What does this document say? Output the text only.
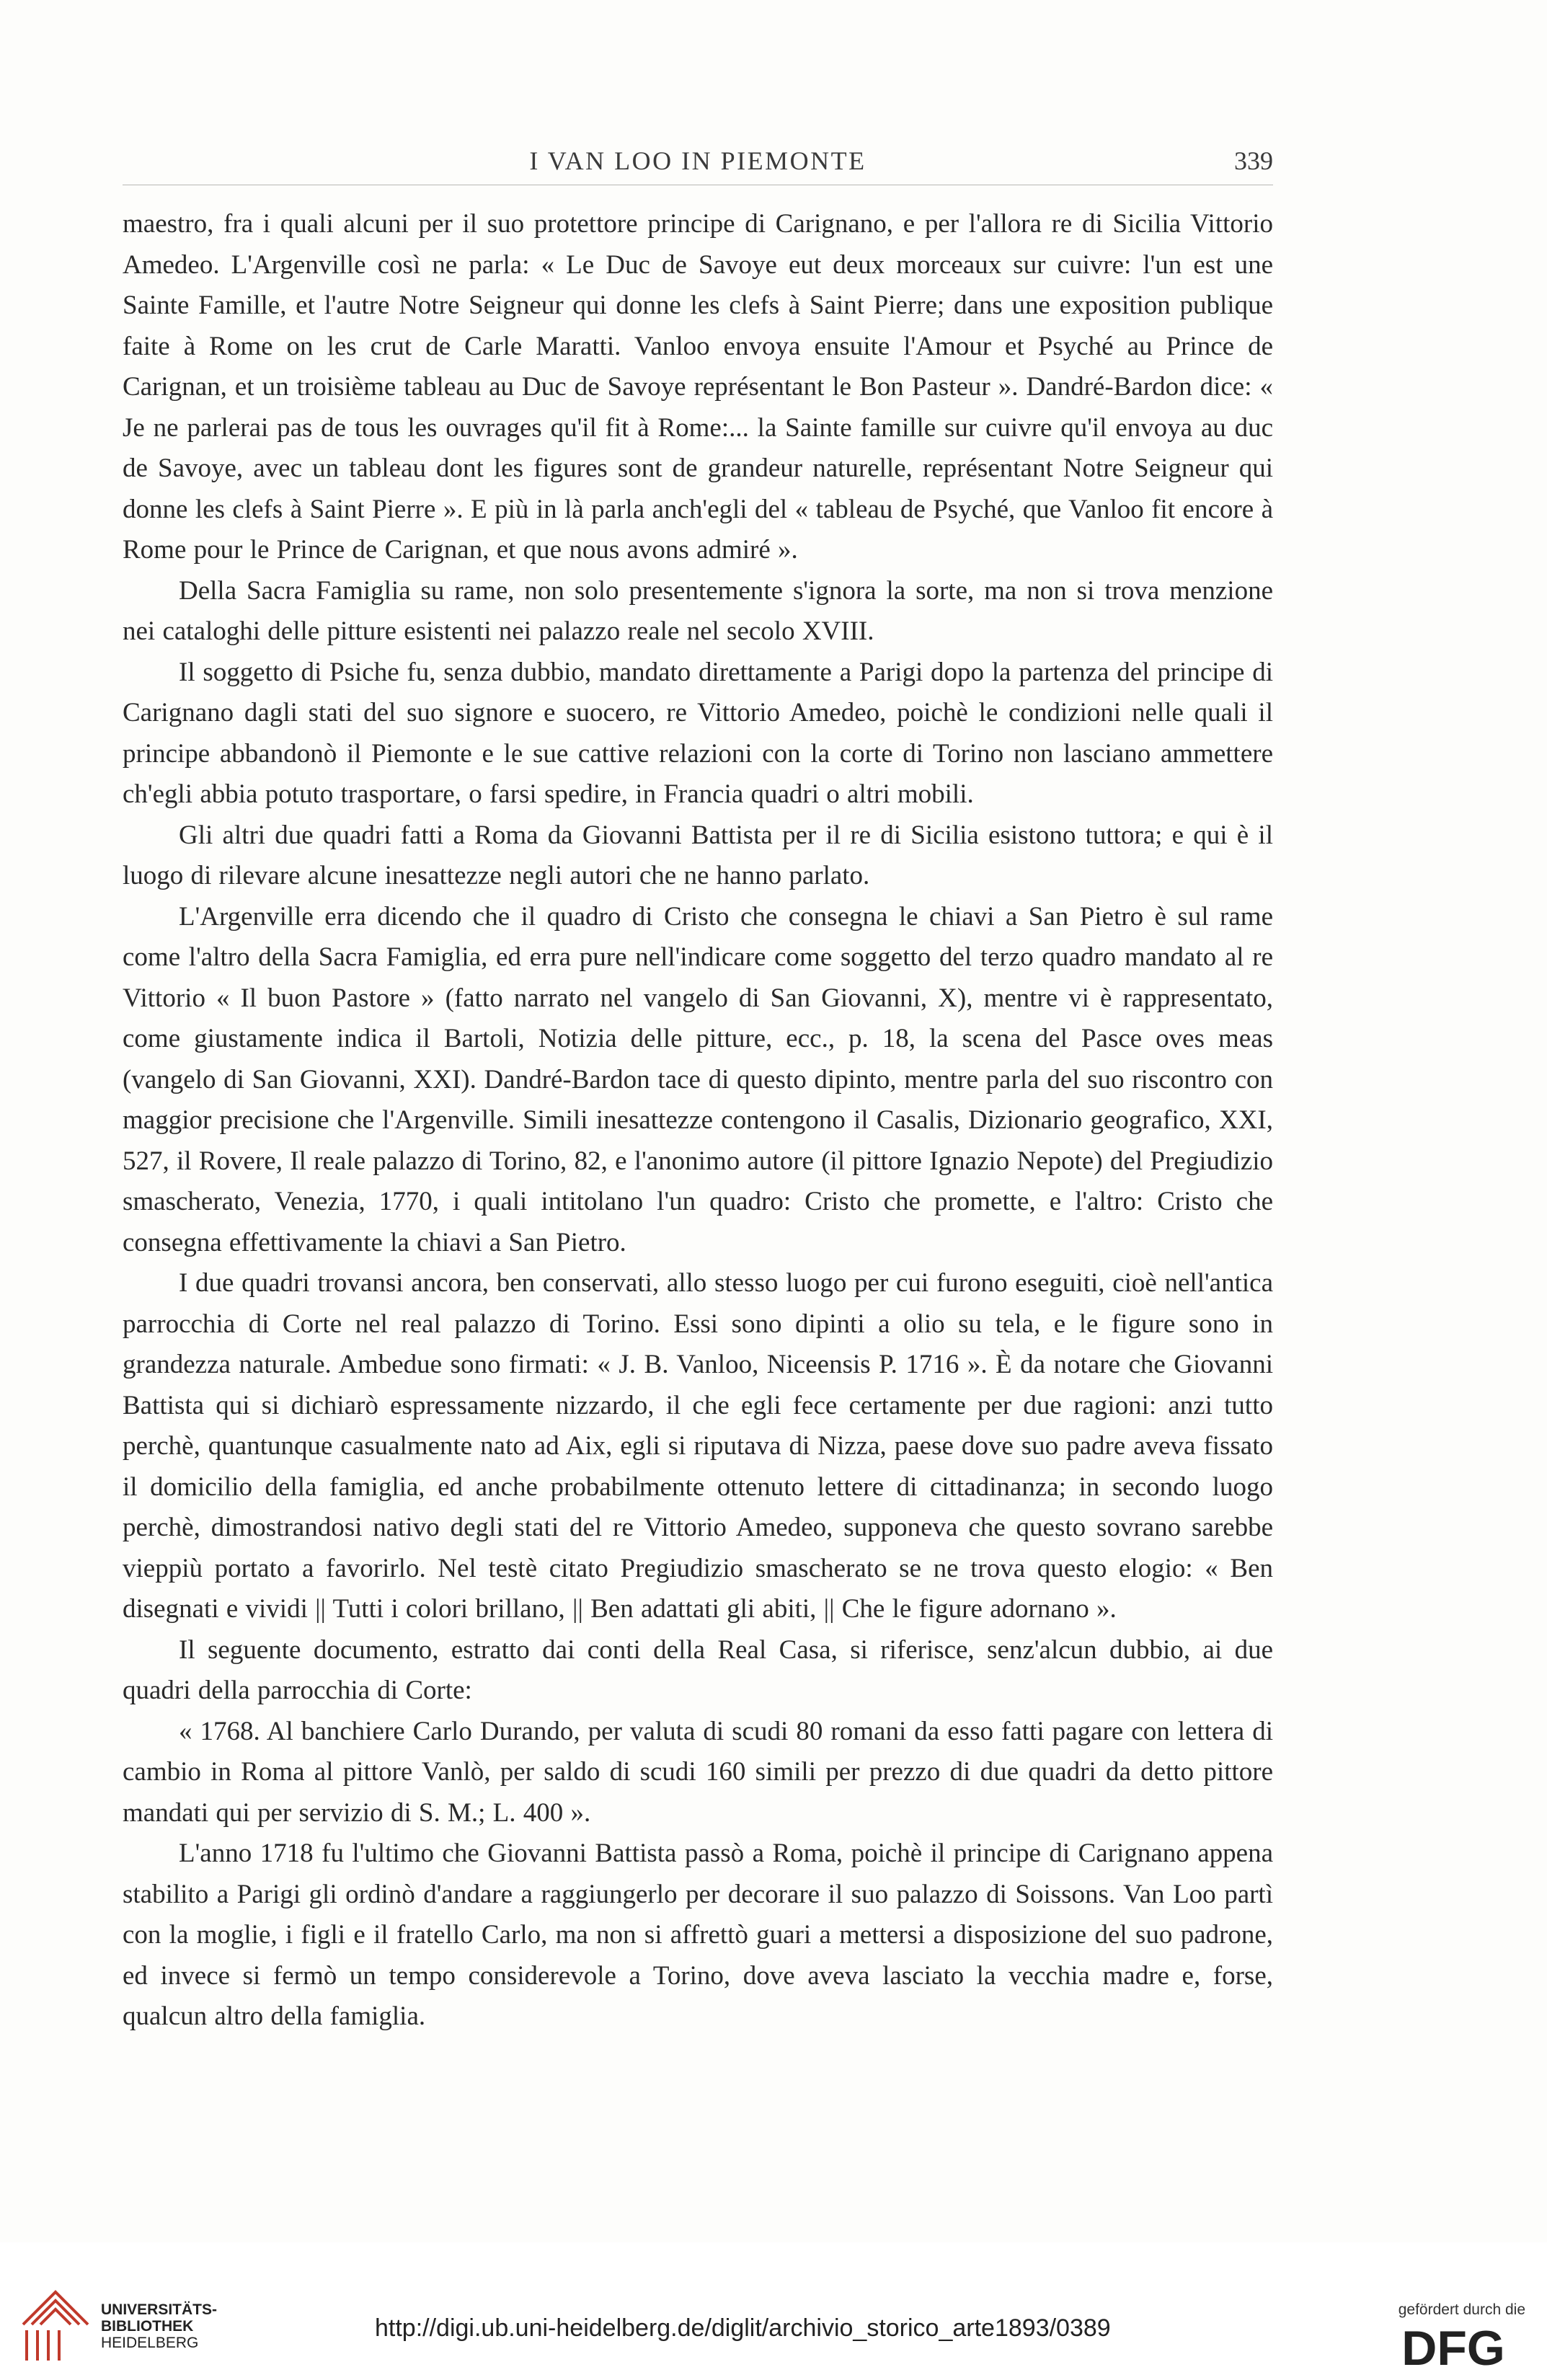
I VAN LOO IN PIEMONTE	339

maestro, fra i quali alcuni per il suo protettore principe di Carignano, e per l'allora re di Sicilia Vittorio Amedeo. L'Argenville così ne parla: « Le Duc de Savoye eut deux morceaux sur cuivre: l'un est une Sainte Famille, et l'autre Notre Seigneur qui donne les clefs à Saint Pierre; dans une exposition publique faite à Rome on les crut de Carle Maratti. Vanloo envoya ensuite l'Amour et Psyché au Prince de Carignan, et un troisième tableau au Duc de Savoye représentant le Bon Pasteur ». Dandré-Bardon dice: « Je ne parlerai pas de tous les ouvrages qu'il fit à Rome:... la Sainte famille sur cuivre qu'il envoya au duc de Savoye, avec un tableau dont les figures sont de grandeur naturelle, représentant Notre Seigneur qui donne les clefs à Saint Pierre ». E più in là parla anch'egli del « tableau de Psyché, que Vanloo fit encore à Rome pour le Prince de Carignan, et que nous avons admiré ».

Della Sacra Famiglia su rame, non solo presentemente s'ignora la sorte, ma non si trova menzione nei cataloghi delle pitture esistenti nei palazzo reale nel secolo XVIII.

Il soggetto di Psiche fu, senza dubbio, mandato direttamente a Parigi dopo la partenza del principe di Carignano dagli stati del suo signore e suocero, re Vittorio Amedeo, poichè le condizioni nelle quali il principe abbandonò il Piemonte e le sue cattive relazioni con la corte di Torino non lasciano ammettere ch'egli abbia potuto trasportare, o farsi spedire, in Francia quadri o altri mobili.

Gli altri due quadri fatti a Roma da Giovanni Battista per il re di Sicilia esistono tuttora; e qui è il luogo di rilevare alcune inesattezze negli autori che ne hanno parlato.

L'Argenville erra dicendo che il quadro di Cristo che consegna le chiavi a San Pietro è sul rame come l'altro della Sacra Famiglia, ed erra pure nell'indicare come soggetto del terzo quadro mandato al re Vittorio « Il buon Pastore » (fatto narrato nel vangelo di San Giovanni, X), mentre vi è rappresentato, come giustamente indica il Bartoli, Notizia delle pitture, ecc., p. 18, la scena del Pasce oves meas (vangelo di San Giovanni, XXI). Dandré-Bardon tace di questo dipinto, mentre parla del suo riscontro con maggior precisione che l'Argenville. Simili inesattezze contengono il Casalis, Dizionario geografico, XXI, 527, il Rovere, Il reale palazzo di Torino, 82, e l'anonimo autore (il pittore Ignazio Nepote) del Pregiudizio smascherato, Venezia, 1770, i quali intitolano l'un quadro: Cristo che promette, e l'altro: Cristo che consegna effettivamente la chiavi a San Pietro.

I due quadri trovansi ancora, ben conservati, allo stesso luogo per cui furono eseguiti, cioè nell'antica parrocchia di Corte nel real palazzo di Torino. Essi sono dipinti a olio su tela, e le figure sono in grandezza naturale. Ambedue sono firmati: « J. B. Vanloo, Niceensis P. 1716 ». È da notare che Giovanni Battista qui si dichiarò espressamente nizzardo, il che egli fece certamente per due ragioni: anzi tutto perchè, quantunque casualmente nato ad Aix, egli si riputava di Nizza, paese dove suo padre aveva fissato il domicilio della famiglia, ed anche probabilmente ottenuto lettere di cittadinanza; in secondo luogo perchè, dimostrandosi nativo degli stati del re Vittorio Amedeo, supponeva che questo sovrano sarebbe vieppiù portato a favorirlo. Nel testè citato Pregiudizio smascherato se ne trova questo elogio: « Ben disegnati e vividi || Tutti i colori brillano, || Ben adattati gli abiti, || Che le figure adornano ».

Il seguente documento, estratto dai conti della Real Casa, si riferisce, senz'alcun dubbio, ai due quadri della parrocchia di Corte:

« 1768. Al banchiere Carlo Durando, per valuta di scudi 80 romani da esso fatti pagare con lettera di cambio in Roma al pittore Vanlò, per saldo di scudi 160 simili per prezzo di due quadri da detto pittore mandati qui per servizio di S. M.; L. 400 ».

L'anno 1718 fu l'ultimo che Giovanni Battista passò a Roma, poichè il principe di Carignano appena stabilito a Parigi gli ordinò d'andare a raggiungerlo per decorare il suo palazzo di Soissons. Van Loo partì con la moglie, i figli e il fratello Carlo, ma non si affrettò guari a mettersi a disposizione del suo padrone, ed invece si fermò un tempo considerevole a Torino, dove aveva lasciato la vecchia madre e, forse, qualcun altro della famiglia.

UNIVERSITÄTS-
BIBLIOTHEK
HEIDELBERG
http://digi.ub.uni-heidelberg.de/diglit/archivio_storico_arte1893/0389
gefördert durch die
DFG
